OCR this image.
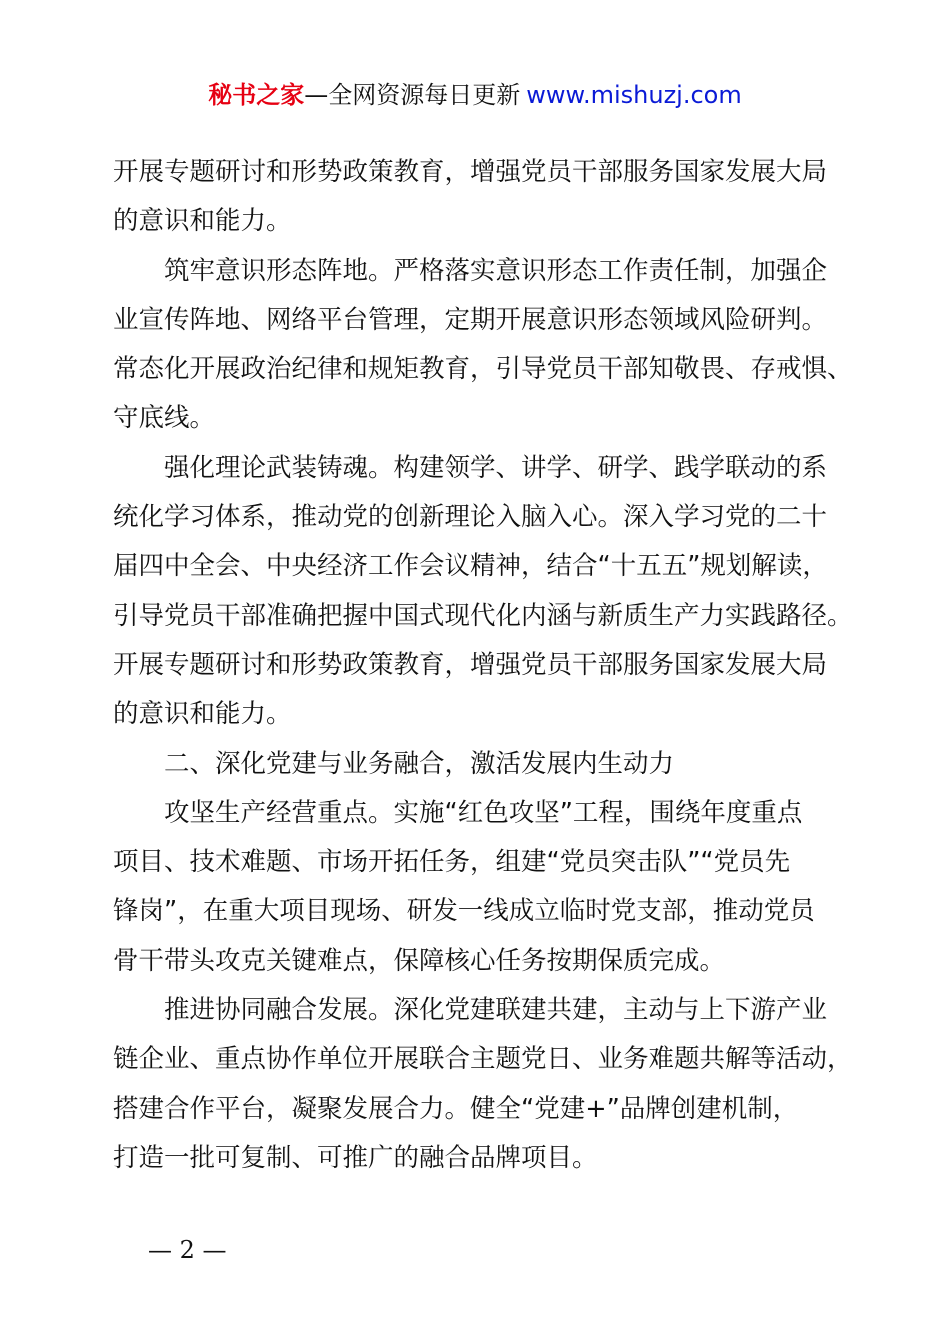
秘书之家—全网资源每日更新 www.mishuzj.com
开展专题研讨和形势政策教育，增强党员干部服务国家发展大局
的意识和能力。
　　筑牢意识形态阵地。严格落实意识形态工作责任制，加强企
业宣传阵地、网络平台管理，定期开展意识形态领域风险研判。
常态化开展政治纪律和规矩教育，引导党员干部知敬畏、存戒惧、
守底线。
　　强化理论武装铸魂。构建领学、讲学、研学、践学联动的系
统化学习体系，推动党的创新理论入脑入心。深入学习党的二十
届四中全会、中央经济工作会议精神，结合“十五五”规划解读，
引导党员干部准确把握中国式现代化内涵与新质生产力实践路径。
开展专题研讨和形势政策教育，增强党员干部服务国家发展大局
的意识和能力。
　　二、深化党建与业务融合，激活发展内生动力
　　攻坚生产经营重点。实施“红色攻坚”工程，围绕年度重点
项目、技术难题、市场开拓任务，组建“党员突击队”“党员先
锋岗”，在重大项目现场、研发一线成立临时党支部，推动党员
骨干带头攻克关键难点，保障核心任务按期保质完成。
　　推进协同融合发展。深化党建联建共建，主动与上下游产业
链企业、重点协作单位开展联合主题党日、业务难题共解等活动，
搭建合作平台，凝聚发展合力。健全“党建+”品牌创建机制，
打造一批可复制、可推广的融合品牌项目。
— 2 —
